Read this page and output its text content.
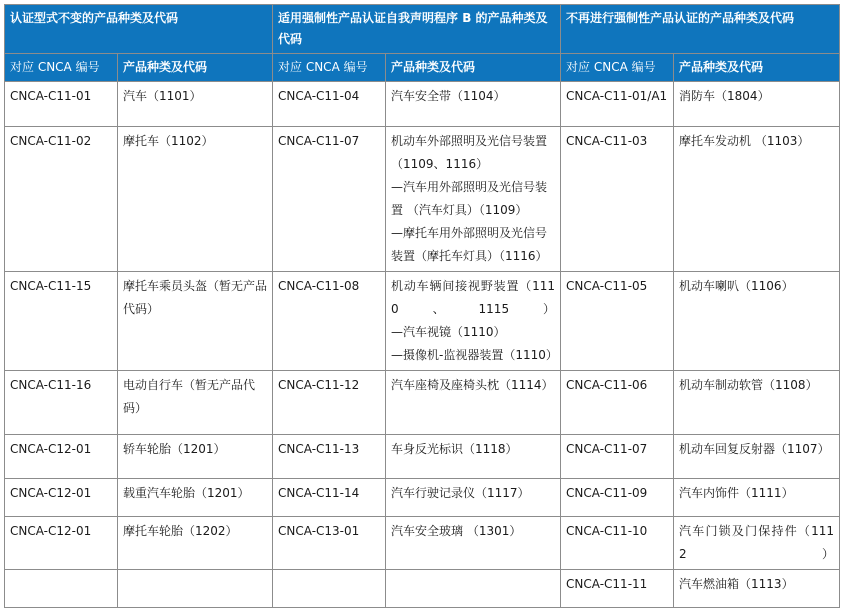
认证型式不变的产品种类及代码		适用强制性产品认证自我声明程序 B 的产品种类及代码		不再进行强制性产品认证的产品种类及代码	
对应 CNCA 编号	产品种类及代码	对应 CNCA 编号	产品种类及代码	对应 CNCA 编号	产品种类及代码

CNCA-C11-01	汽车（1101）	CNCA-C11-04	汽车安全带（1104）	CNCA-C11-01/A1	消防车（1804）

CNCA-C11-02	摩托车（1102）	CNCA-C11-07	机动车外部照明及光信号装置（1109、1116）
—汽车用外部照明及光信号装置 （汽车灯具）（1109）
—摩托车用外部照明及光信号装置（摩托车灯具）（1116）	CNCA-C11-03	摩托车发动机 （1103）

CNCA-C11-15	摩托车乘员头盔（暂无产品代码）	CNCA-C11-08	机动车辆间接视野装置（1110、1115）
—汽车视镜（1110）
—摄像机-监视器装置（1110）	CNCA-C11-05	机动车喇叭（1106）

CNCA-C11-16	电动自行车（暂无产品代码）	CNCA-C11-12	汽车座椅及座椅头枕（1114）	CNCA-C11-06	机动车制动软管（1108）

CNCA-C12-01	轿车轮胎（1201）	CNCA-C11-13	车身反光标识（1118）	CNCA-C11-07	机动车回复反射器（1107）

CNCA-C12-01	载重汽车轮胎（1201）	CNCA-C11-14	汽车行驶记录仪（1117）	CNCA-C11-09	汽车内饰件（1111）

CNCA-C12-01	摩托车轮胎（1202）	CNCA-C13-01	汽车安全玻璃 （1301）	CNCA-C11-10	汽车门锁及门保持件（1112）

				CNCA-C11-11	汽车燃油箱（1113）
